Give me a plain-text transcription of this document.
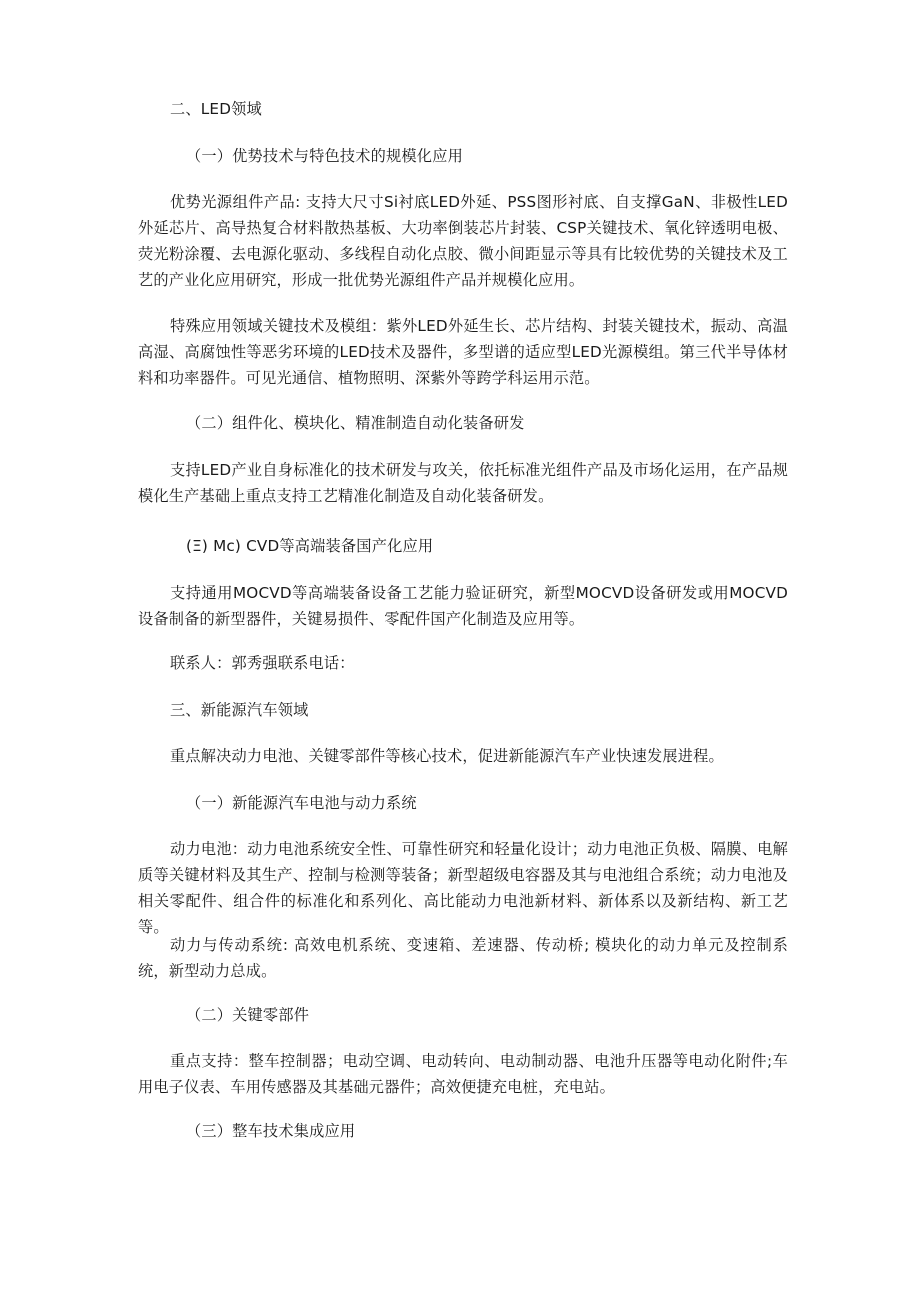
二、LED领域

（一）优势技术与特色技术的规模化应用

优势光源组件产品: 支持大尺寸Si衬底LED外延、PSS图形衬底、自支撑GaN、非极性LED外延芯片、高导热复合材料散热基板、大功率倒装芯片封装、CSP关键技术、氧化锌透明电极、荧光粉涂覆、去电源化驱动、多线程自动化点胶、微小间距显示等具有比较优势的关键技术及工艺的产业化应用研究，形成一批优势光源组件产品并规模化应用。

特殊应用领域关键技术及模组：紫外LED外延生长、芯片结构、封装关键技术，振动、高温高湿、高腐蚀性等恶劣环境的LED技术及器件，多型谱的适应型LED光源模组。第三代半导体材料和功率器件。可见光通信、植物照明、深紫外等跨学科运用示范。

（二）组件化、模块化、精准制造自动化装备研发

支持LED产业自身标准化的技术研发与攻关，依托标准光组件产品及市场化运用，在产品规模化生产基础上重点支持工艺精准化制造及自动化装备研发。

(Ξ) Mc) CVD等高端装备国产化应用

支持通用MOCVD等高端装备设备工艺能力验证研究，新型MOCVD设备研发或用MOCVD设备制备的新型器件，关键易损件、零配件国产化制造及应用等。

联系人：郭秀强联系电话：

三、新能源汽车领域

重点解决动力电池、关键零部件等核心技术，促进新能源汽车产业快速发展进程。

（一）新能源汽车电池与动力系统

动力电池：动力电池系统安全性、可靠性研究和轻量化设计；动力电池正负极、隔膜、电解质等关键材料及其生产、控制与检测等装备；新型超级电容器及其与电池组合系统；动力电池及相关零配件、组合件的标准化和系列化、高比能动力电池新材料、新体系以及新结构、新工艺等。

动力与传动系统: 高效电机系统、变速箱、差速器、传动桥; 模块化的动力单元及控制系统，新型动力总成。

（二）关键零部件

重点支持：整车控制器；电动空调、电动转向、电动制动器、电池升压器等电动化附件;车用电子仪表、车用传感器及其基础元器件；高效便捷充电桩，充电站。

（三）整车技术集成应用
